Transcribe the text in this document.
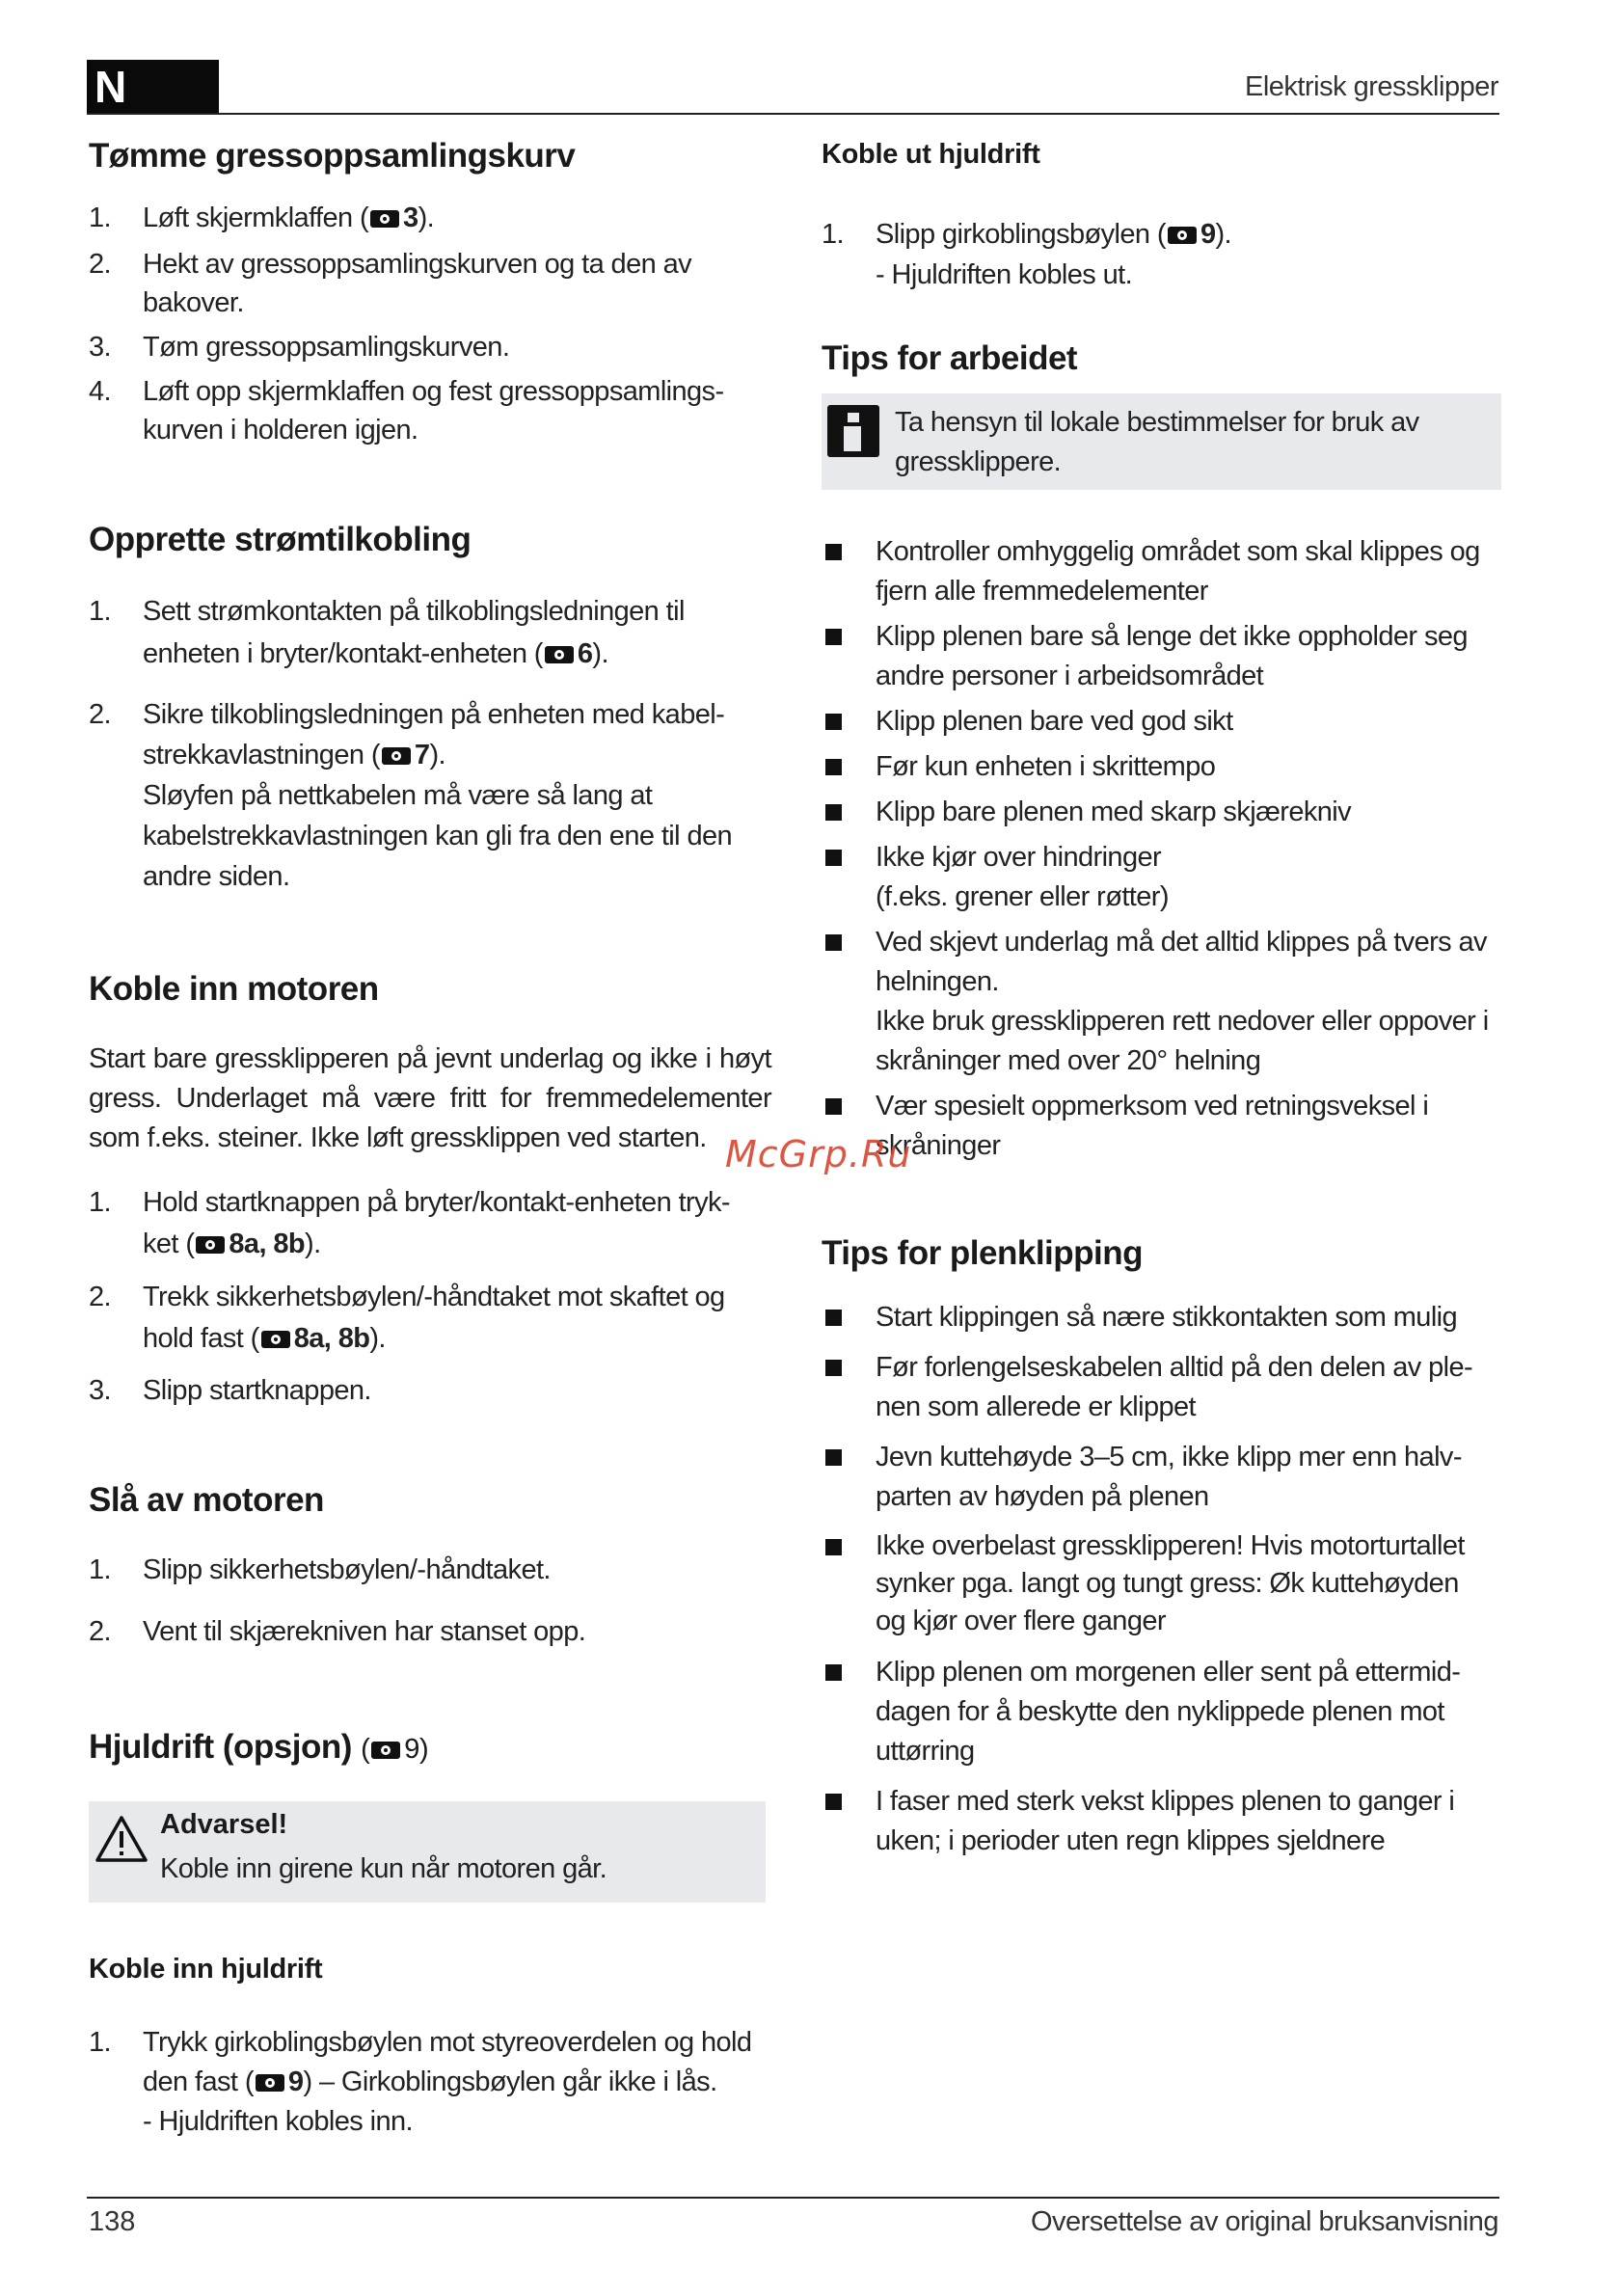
N	Elektrisk gressklipper
Tømme gressoppsamlingskurv
1. Løft skjermklaffen ( 3).
2. Hekt av gressoppsamlingskurven og ta den av bakover.
3. Tøm gressoppsamlingskurven.
4. Løft opp skjermklaffen og fest gressoppsamlings-kurven i holderen igjen.
Opprette strømtilkobling
1. Sett strømkontakten på tilkoblingsledningen til enheten i bryter/kontakt-enheten ( 6).
2. Sikre tilkoblingsledningen på enheten med kabel-strekkavlastningen ( 7).
Sløyfen på nettkabelen må være så lang at kabelstrekkavlastningen kan gli fra den ene til den andre siden.
Koble inn motoren
Start bare gressklipperen på jevnt underlag og ikke i høyt gress. Underlaget må være fritt for fremmedelementer som f.eks. steiner. Ikke løft gressklippen ved starten.
1. Hold startknappen på bryter/kontakt-enheten tryk-ket ( 8a, 8b).
2. Trekk sikkerhetsbøylen/-håndtaket mot skaftet og hold fast ( 8a, 8b).
3. Slipp startknappen.
Slå av motoren
1. Slipp sikkerhetsbøylen/-håndtaket.
2. Vent til skjærekniven har stanset opp.
Hjuldrift (opsjon) ( 9)
Advarsel!
Koble inn girene kun når motoren går.
Koble inn hjuldrift
1. Trykk girkoblingsbøylen mot styreoverdelen og hold den fast ( 9) – Girkoblingsbøylen går ikke i lås.
- Hjuldriften kobles inn.
Koble ut hjuldrift
1. Slipp girkoblingsbøylen ( 9).
- Hjuldriften kobles ut.
Tips for arbeidet
Ta hensyn til lokale bestimmelser for bruk av gressklippere.
Kontroller omhyggelig området som skal klippes og fjern alle fremmedelementer
Klipp plenen bare så lenge det ikke oppholder seg andre personer i arbeidsområdet
Klipp plenen bare ved god sikt
Før kun enheten i skrittempo
Klipp bare plenen med skarp skjærekniv
Ikke kjør over hindringer (f.eks. grener eller røtter)
Ved skjevt underlag må det alltid klippes på tvers av helningen.
Ikke bruk gressklipperen rett nedover eller oppover i skråninger med over 20° helning
Vær spesielt oppmerksom ved retningsveksel i skråninger
Tips for plenklipping
Start klippingen så nære stikkontakten som mulig
Før forlengelseskabelen alltid på den delen av ple-nen som allerede er klippet
Jevn kuttehøyde 3–5 cm, ikke klipp mer enn halv-parten av høyden på plenen
Ikke overbelast gressklipperen! Hvis motorturtallet synker pga. langt og tungt gress: Øk kuttehøyden og kjør over flere ganger
Klipp plenen om morgenen eller sent på ettermid-dagen for å beskytte den nyklippede plenen mot uttørring
I faser med sterk vekst klippes plenen to ganger i uken; i perioder uten regn klippes sjeldnere
McGrp.Ru
138	Oversettelse av original bruksanvisning
